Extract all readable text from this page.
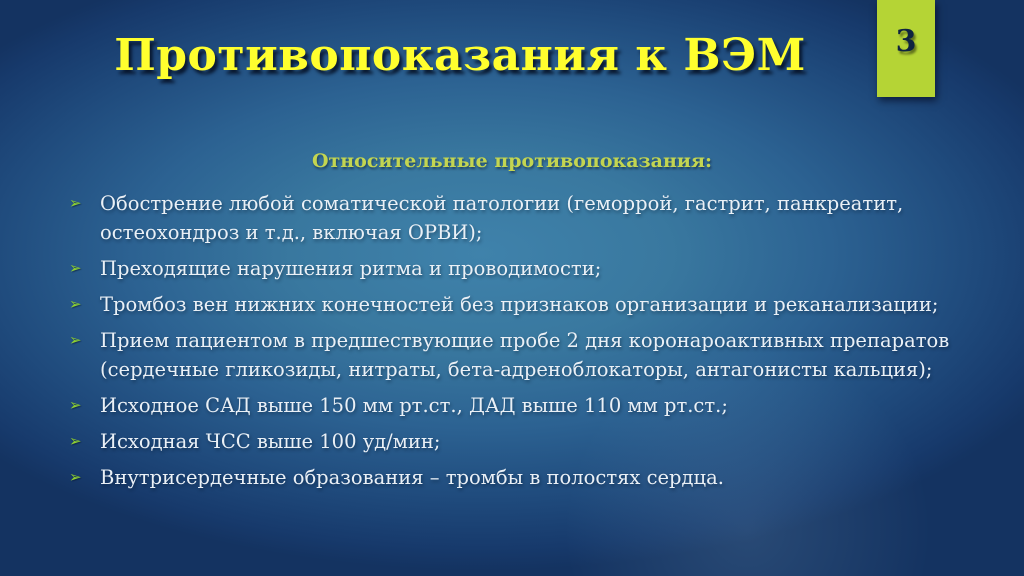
3
Противопоказания к ВЭМ
Относительные противопоказания:
➢ Обострение любой соматической патологии (геморрой, гастрит, панкреатит, остеохондроз и т.д., включая ОРВИ);
➢ Преходящие нарушения ритма и проводимости;
➢ Тромбоз вен нижних конечностей без признаков организации и реканализации;
➢ Прием пациентом в предшествующие пробе 2 дня коронароактивных препаратов (сердечные гликозиды, нитраты, бета-адреноблокаторы, антагонисты кальция);
➢ Исходное САД выше 150 мм рт.ст., ДАД выше 110 мм рт.ст.;
➢ Исходная ЧСС выше 100 уд/мин;
➢ Внутрисердечные образования – тромбы в полостях сердца.
